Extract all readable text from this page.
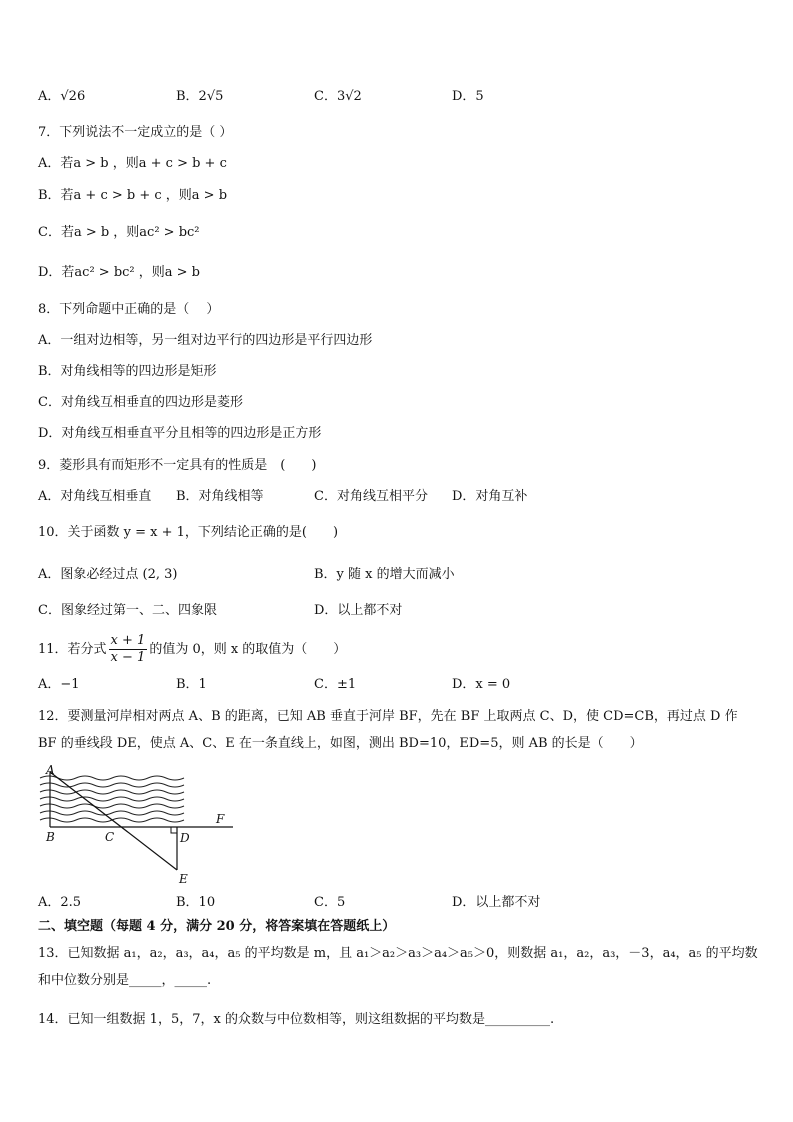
A．√26	B．2√5	C．3√2	D．5
7．下列说法不一定成立的是（ ）
A．若a > b ，则a + c > b + c
B．若a + c > b + c ，则a > b
C．若a > b ，则ac² > bc²
D．若ac² > bc² ，则a > b
8．下列命题中正确的是（　 ）
A．一组对边相等，另一组对边平行的四边形是平行四边形
B．对角线相等的四边形是矩形
C．对角线互相垂直的四边形是菱形
D．对角线互相垂直平分且相等的四边形是正方形
9．菱形具有而矩形不一定具有的性质是　(　　)
A．对角线互相垂直 B．对角线相等	C．对角线互相平分 D．对角互补
10．关于函数 y = x + 1，下列结论正确的是(　　)
A．图象必经过点 (2, 3)	B．y 随 x 的增大而减小
C．图象经过第一、二、四象限	D．以上都不对
11．若分式 $\frac{x + 1}{x - 1}$ 的值为 0，则 x 的取值为（　　）
A．−1	B．1	C．±1	D．x = 0
12．要测量河岸相对两点 A、B 的距离，已知 AB 垂直于河岸 BF，先在 BF 上取两点 C、D，使 CD=CB，再过点 D 作 BF 的垂线段 DE，使点 A、C、E 在一条直线上，如图，测出 BD=10，ED=5，则 AB 的长是（　　）
A
B	C	D
E
F
A．2.5	B．10	C．5	D．以上都不对
二、填空题（每题 4 分，满分 20 分，将答案填在答题纸上）
13．已知数据 a₁，a₂，a₃，a₄，a₅ 的平均数是 m，且 a₁＞a₂＞a₃＞a₄＞a₅＞0，则数据 a₁，a₂，a₃，－3，a₄，a₅ 的平均数和中位数分别是_____，_____.
14．已知一组数据 1，5，7，x 的众数与中位数相等，则这组数据的平均数是__________.
